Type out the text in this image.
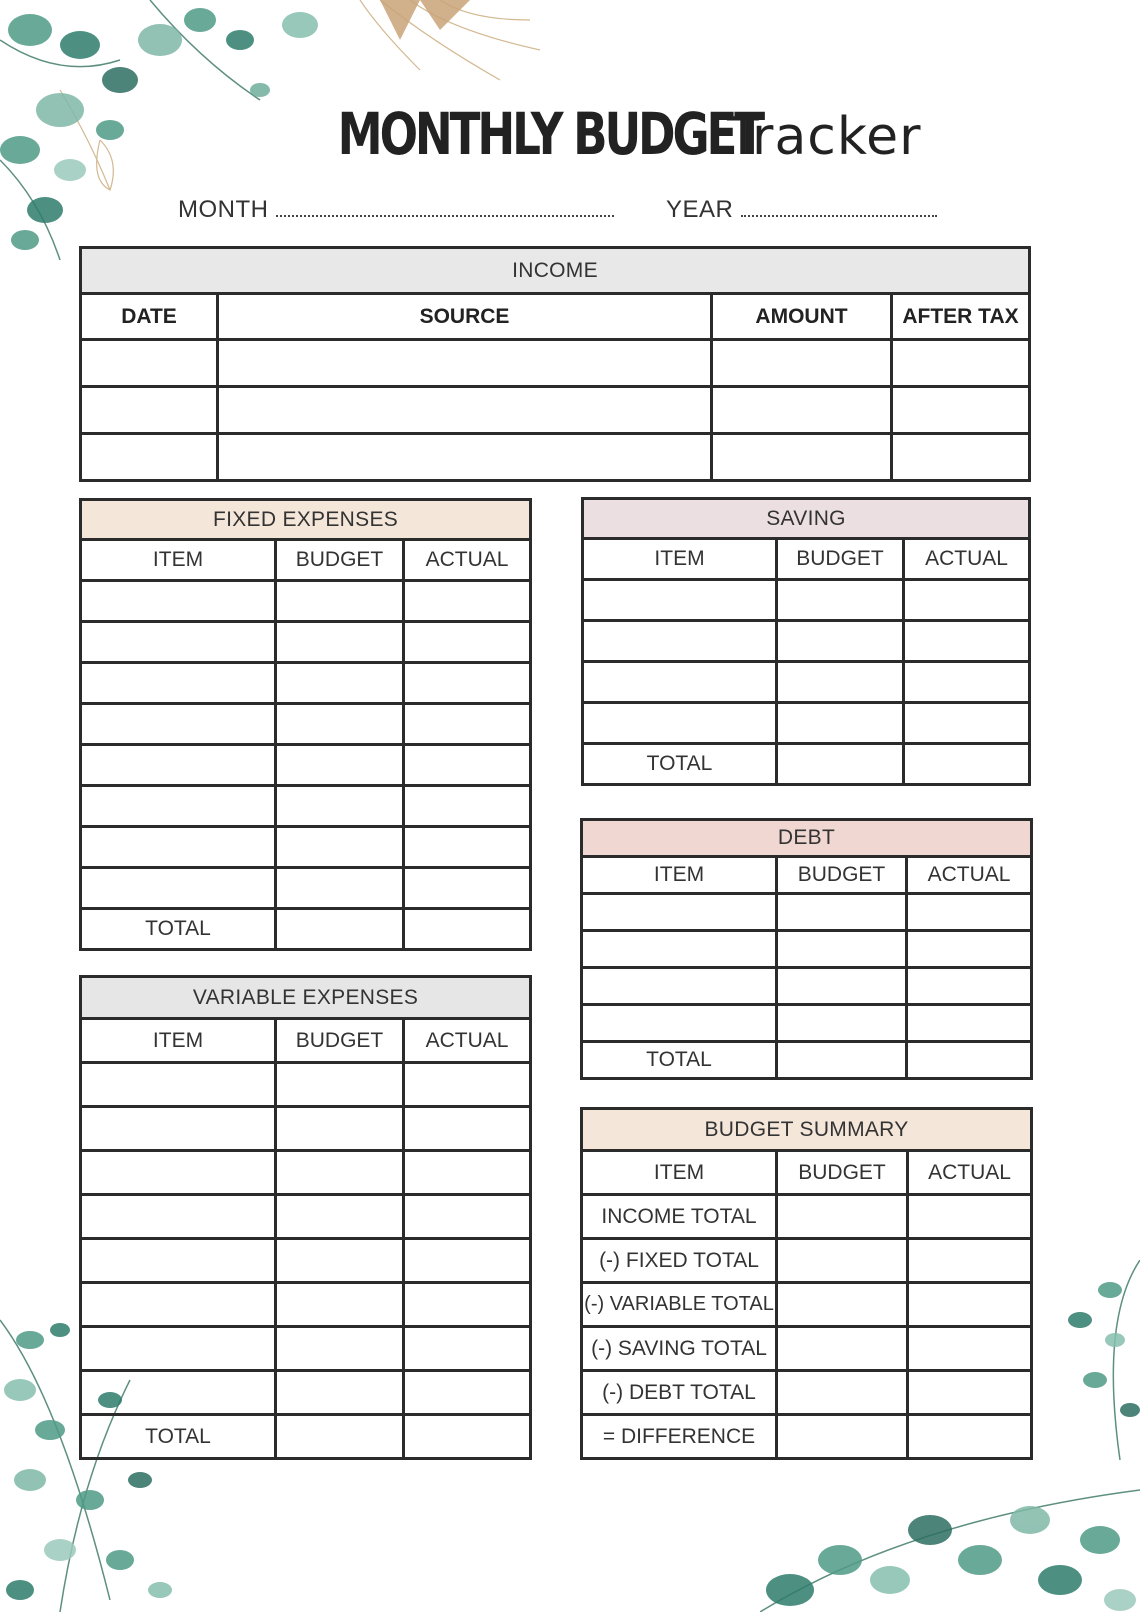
MONTHLY BUDGET Tracker
MONTH	YEAR
INCOME			
DATE	SOURCE	AMOUNT	AFTER TAX

FIXED EXPENSES		
ITEM	BUDGET	ACTUAL

TOTAL		
VARIABLE EXPENSES		
ITEM	BUDGET	ACTUAL

TOTAL		
SAVING		
ITEM	BUDGET	ACTUAL

TOTAL		
DEBT		
ITEM	BUDGET	ACTUAL

TOTAL		
BUDGET SUMMARY		
ITEM	BUDGET	ACTUAL
INCOME TOTAL		
(-) FIXED TOTAL		
(-) VARIABLE TOTAL		
(-) SAVING TOTAL		
(-) DEBT TOTAL		
= DIFFERENCE		
